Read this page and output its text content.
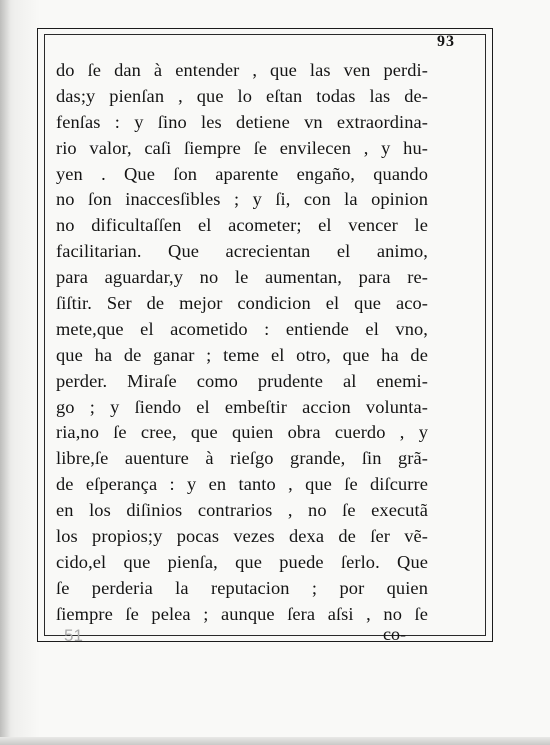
93
do ſe dan à entender , que las ven perdi-
das;y pienſan , que lo eſtan todas las de-
fenſas : y ſino les detiene vn extraordina-
rio valor, caſi ſiempre ſe envilecen , y hu-
yen . Que ſon aparente engaño, quando
no ſon inaccesſibles ; y ſi, con la opinion
no dificultaſſen el acometer; el vencer le
facilitarian. Que acrecientan el animo,
para aguardar,y no le aumentan, para re-
ſiſtir. Ser de mejor condicion el que aco-
mete,que el acometido : entiende el vno,
que ha de ganar ; teme el otro, que ha de
perder. Miraſe como prudente al enemi-
go ; y ſiendo el embeſtir accion volunta-
ria,no ſe cree, que quien obra cuerdo , y
libre,ſe auenture à rieſgo grande, ſin grã-
de eſperança : y en tanto , que ſe diſcurre
en los diſinios contrarios , no ſe executã
los propios;y pocas vezes dexa de ſer vẽ-
cido,el que pienſa, que puede ſerlo. Que
ſe perderia la reputacion ; por quien
ſiempre ſe pelea ; aunque ſera aſsi , no ſe
51	co-
